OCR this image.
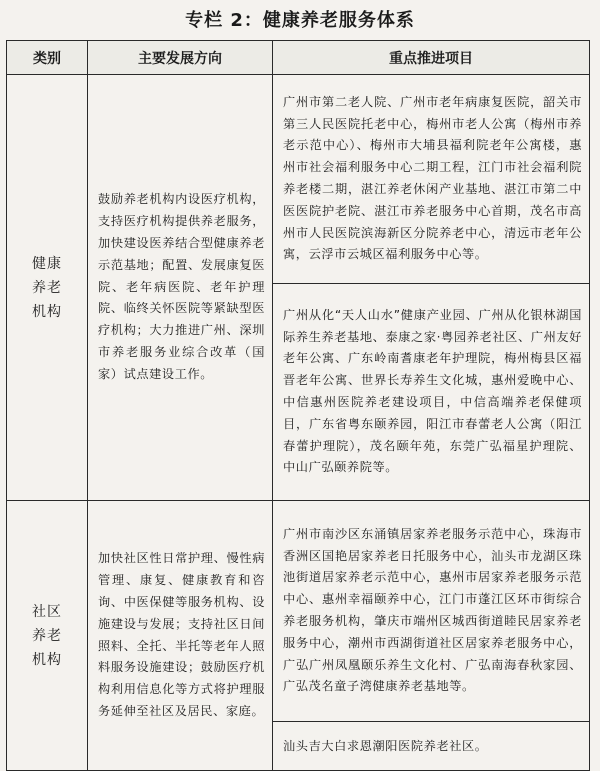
专栏 2：健康养老服务体系
类别	主要发展方向	重点推进项目

健康
养老
机构	鼓励养老机构内设医疗机构，支持医疗机构提供养老服务，加快建设医养结合型健康养老示范基地；配置、发展康复医院、老年病医院、老年护理院、临终关怀医院等紧缺型医疗机构；大力推进广州、深圳市养老服务业综合改革（国家）试点建设工作。	广州市第二老人院、广州市老年病康复医院，韶关市第三人民医院托老中心，梅州市老人公寓（梅州市养老示范中心）、梅州市大埔县福利院老年公寓楼，惠州市社会福利服务中心二期工程，江门市社会福利院养老楼二期，湛江养老休闲产业基地、湛江市第二中医医院护老院、湛江市养老服务中心首期，茂名市高州市人民医院滨海新区分院养老中心，清远市老年公寓，云浮市云城区福利服务中心等。
		广州从化“天人山水”健康产业园、广州从化银林湖国际养生养老基地、泰康之家·粤园养老社区、广州友好老年公寓、广东岭南耆康老年护理院，梅州梅县区福晋老年公寓、世界长寿养生文化城，惠州爱晚中心、中信惠州医院养老建设项目，中信高端养老保健项目，广东省粤东颐养园，阳江市春蕾老人公寓（阳江春蕾护理院），茂名颐年苑，东莞广弘福星护理院、中山广弘颐养院等。

社区
养老
机构	加快社区性日常护理、慢性病管理、康复、健康教育和咨询、中医保健等服务机构、设施建设与发展；支持社区日间照料、全托、半托等老年人照料服务设施建设；鼓励医疗机构利用信息化等方式将护理服务延伸至社区及居民、家庭。	广州市南沙区东涌镇居家养老服务示范中心，珠海市香洲区国艳居家养老日托服务中心，汕头市龙湖区珠池街道居家养老示范中心，惠州市居家养老服务示范中心、惠州幸福颐养中心，江门市蓬江区环市街综合养老服务机构，肇庆市端州区城西街道睦民居家养老服务中心，潮州市西湖街道社区居家养老服务中心，广弘广州凤凰颐乐养生文化村、广弘南海春秋家园、广弘茂名童子湾健康养老基地等。
		汕头吉大白求恩潮阳医院养老社区。
